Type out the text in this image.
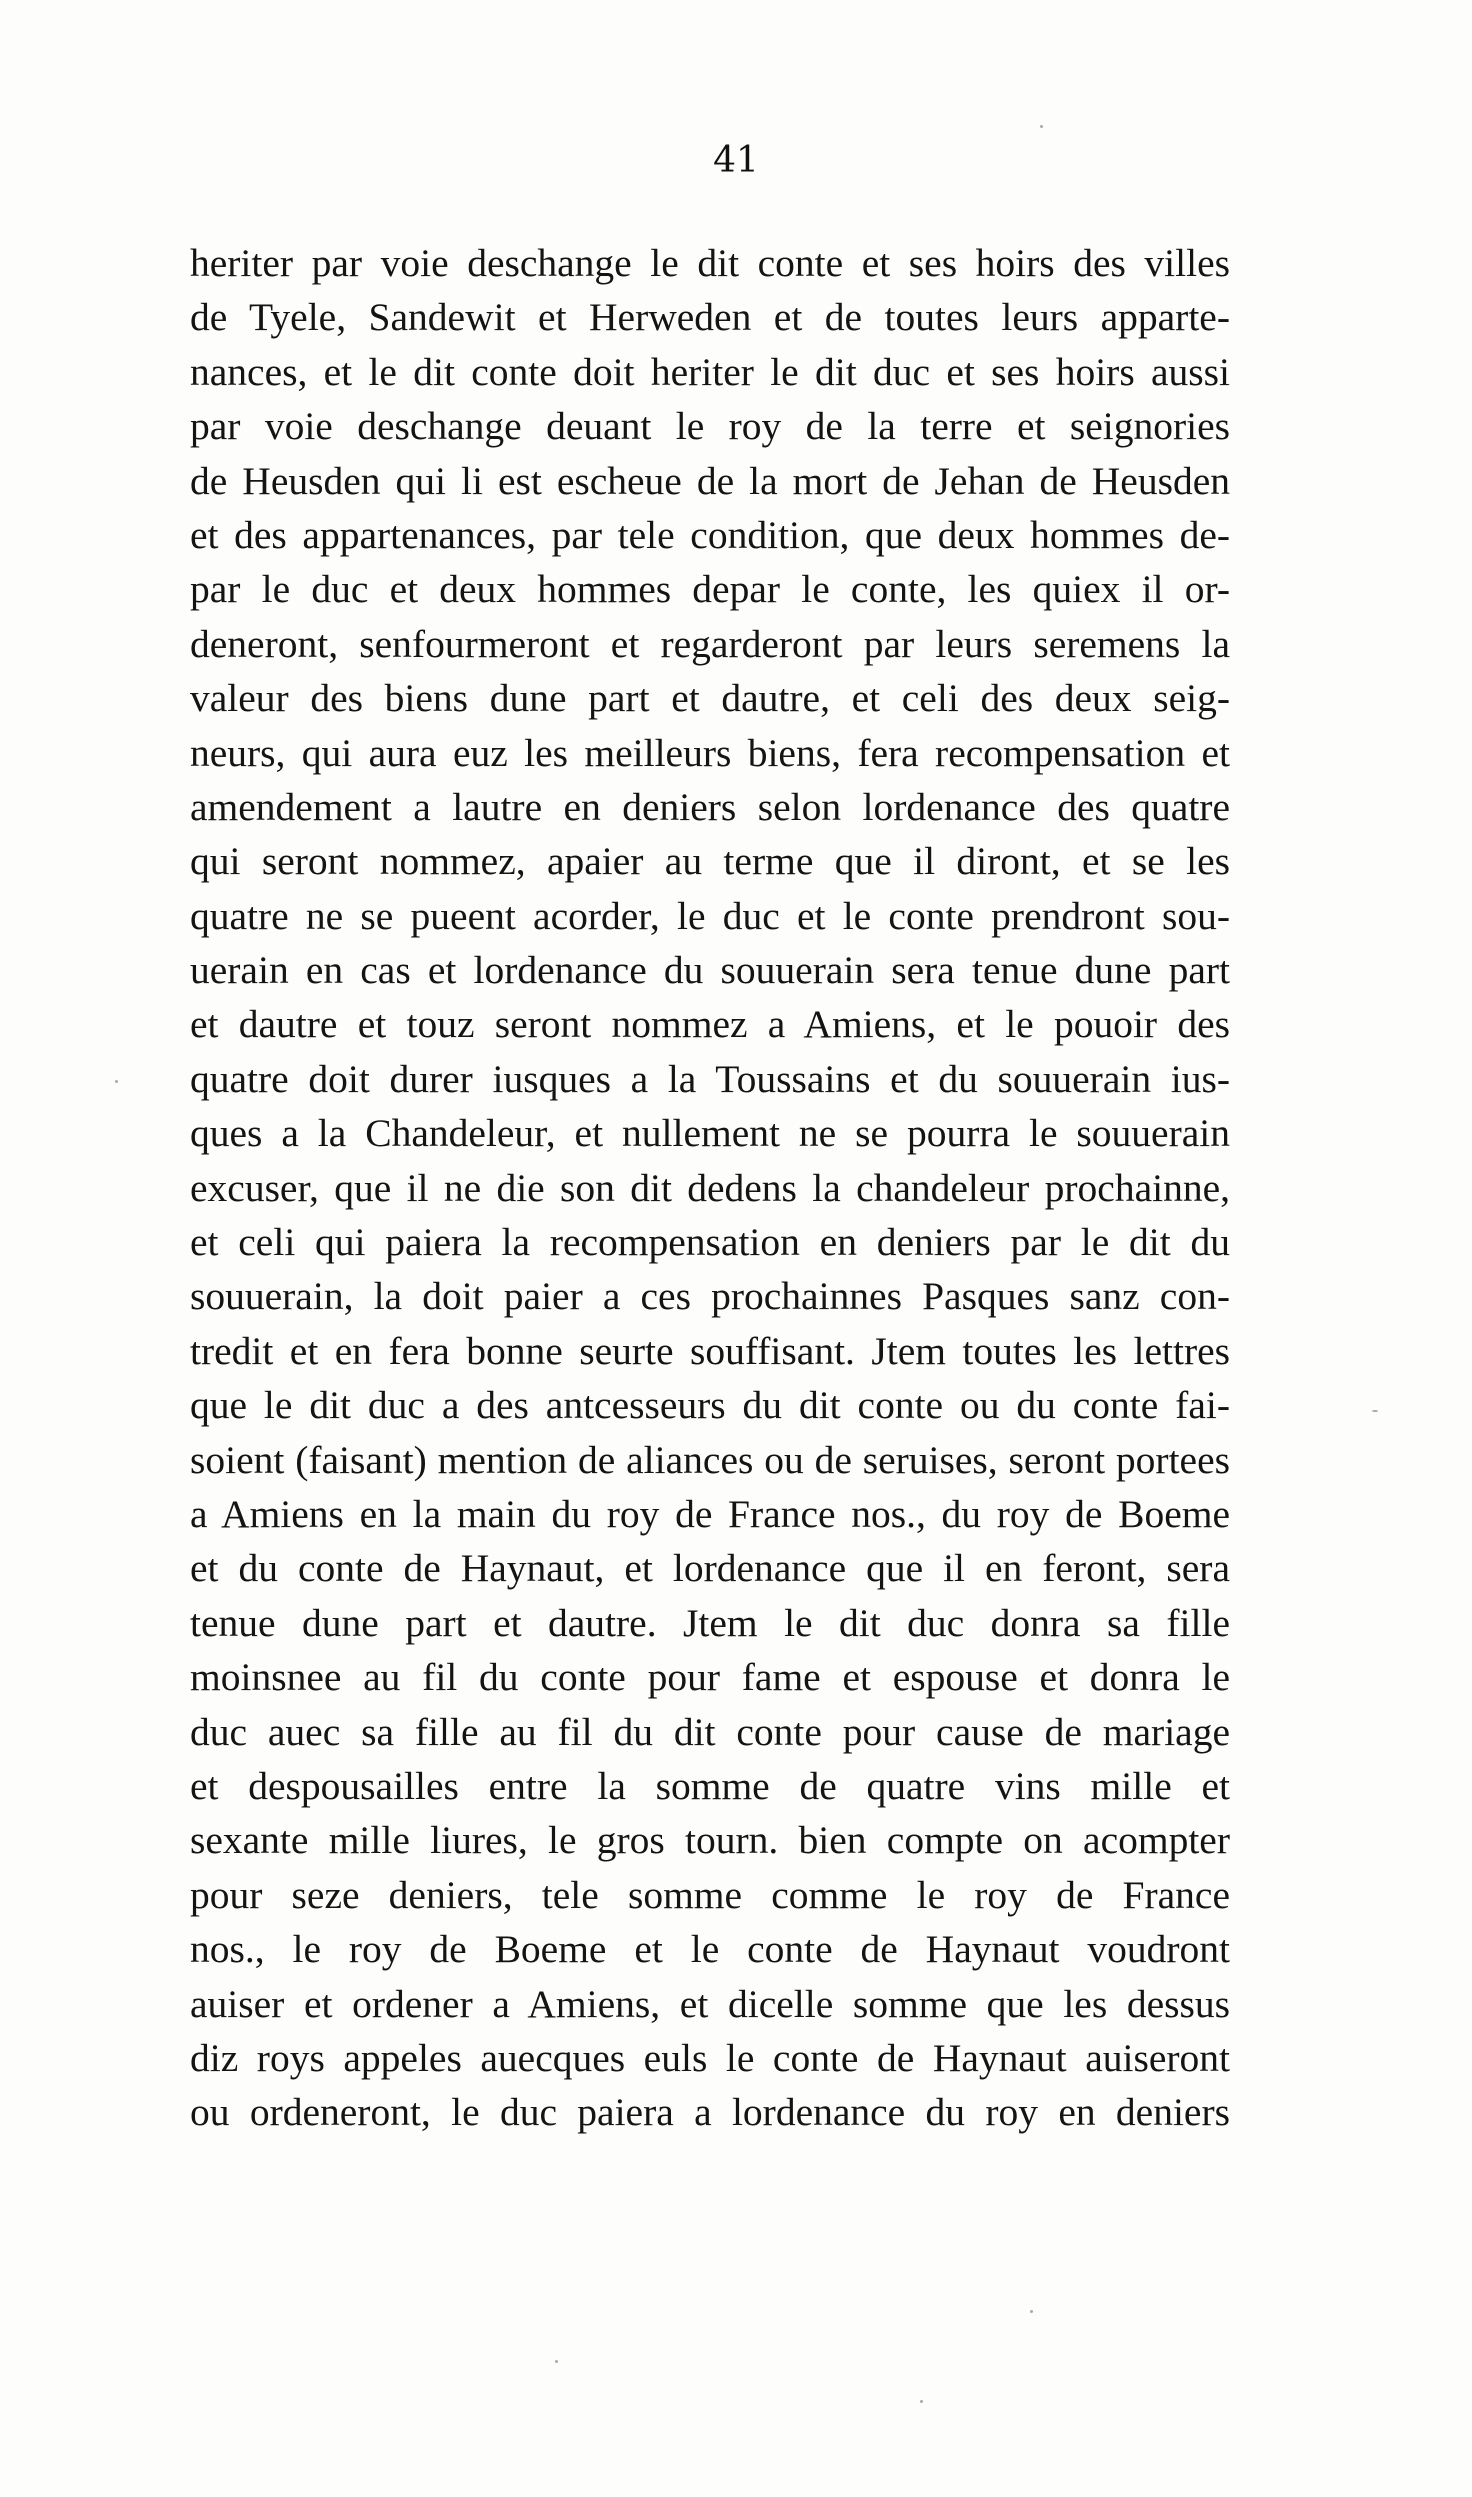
41
heriter par voie deschange le dit conte et ses hoirs des villes
de Tyele, Sandewit et Herweden et de toutes leurs apparte-
nances, et le dit conte doit heriter le dit duc et ses hoirs aussi
par voie deschange deuant le roy de la terre et seignories
de Heusden qui li est escheue de la mort de Jehan de Heusden
et des appartenances, par tele condition, que deux hommes de-
par le duc et deux hommes depar le conte, les quiex il or-
deneront, senfourmeront et regarderont par leurs seremens la
valeur des biens dune part et dautre, et celi des deux seig-
neurs, qui aura euz les meilleurs biens, fera recompensation et
amendement a lautre en deniers selon lordenance des quatre
qui seront nommez, apaier au terme que il diront, et se les
quatre ne se pueent acorder, le duc et le conte prendront sou-
uerain en cas et lordenance du souuerain sera tenue dune part
et dautre et touz seront nommez a Amiens, et le pouoir des
quatre doit durer iusques a la Toussains et du souuerain ius-
ques a la Chandeleur, et nullement ne se pourra le souuerain
excuser, que il ne die son dit dedens la chandeleur prochainne,
et celi qui paiera la recompensation en deniers par le dit du
souuerain, la doit paier a ces prochainnes Pasques sanz con-
tredit et en fera bonne seurte souffisant. Jtem toutes les lettres
que le dit duc a des antcesseurs du dit conte ou du conte fai-
soient (faisant) mention de aliances ou de seruises, seront portees
a Amiens en la main du roy de France nos., du roy de Boeme
et du conte de Haynaut, et lordenance que il en feront, sera
tenue dune part et dautre. Jtem le dit duc donra sa fille
moinsnee au fil du conte pour fame et espouse et donra le
duc auec sa fille au fil du dit conte pour cause de mariage
et despousailles entre la somme de quatre vins mille et
sexante mille liures, le gros tourn. bien compte on acompter
pour seze deniers, tele somme comme le roy de France
nos., le roy de Boeme et le conte de Haynaut voudront
auiser et ordener a Amiens, et dicelle somme que les dessus
diz roys appeles auecques euls le conte de Haynaut auiseront
ou ordeneront, le duc paiera a lordenance du roy en deniers
